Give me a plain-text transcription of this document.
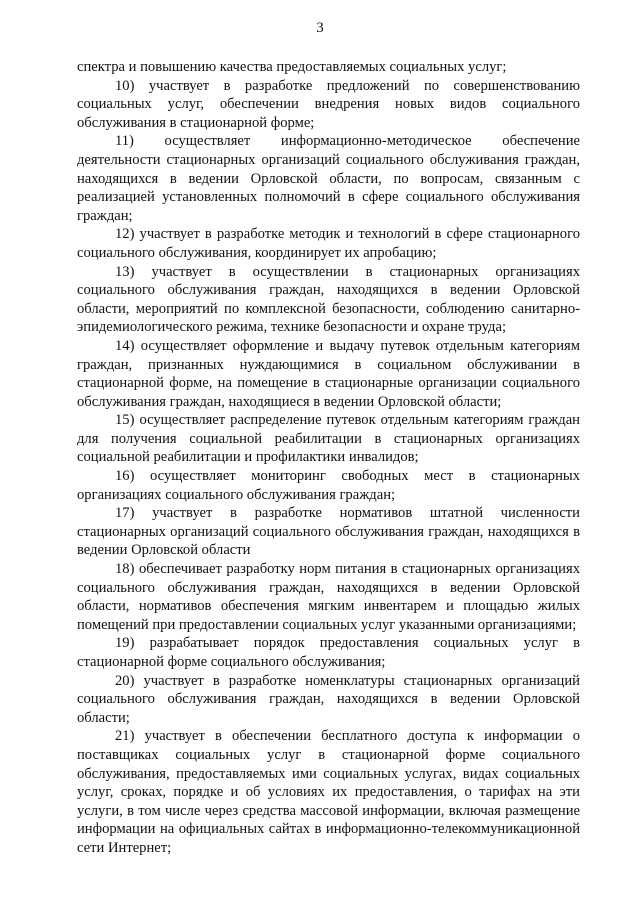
3

спектра и повышению качества предоставляемых социальных услуг;

10) участвует в разработке предложений по совершенствованию социальных услуг, обеспечении внедрения новых видов социального обслуживания в стационарной форме;

11) осуществляет информационно-методическое обеспечение деятельности стационарных организаций социального обслуживания граждан, находящихся в ведении Орловской области, по вопросам, связанным с реализацией установленных полномочий в сфере социального обслуживания граждан;

12) участвует в разработке методик и технологий в сфере стационарного социального обслуживания, координирует их апробацию;

13) участвует в осуществлении в стационарных организациях социального обслуживания граждан, находящихся в ведении Орловской области, мероприятий по комплексной безопасности, соблюдению санитарно-эпидемиологического режима, технике безопасности и охране труда;

14) осуществляет оформление и выдачу путевок отдельным категориям граждан, признанных нуждающимися в социальном обслуживании в стационарной форме, на помещение в стационарные организации социального обслуживания граждан, находящиеся в ведении Орловской области;

15) осуществляет распределение путевок отдельным категориям граждан для получения социальной реабилитации в стационарных организациях социальной реабилитации и профилактики инвалидов;

16) осуществляет мониторинг свободных мест в стационарных организациях социального обслуживания граждан;

17) участвует в разработке нормативов штатной численности стационарных организаций социального обслуживания граждан, находящихся в ведении Орловской области

18) обеспечивает разработку норм питания в стационарных организациях социального обслуживания граждан, находящихся в ведении Орловской области, нормативов обеспечения мягким инвентарем и площадью жилых помещений при предоставлении социальных услуг указанными организациями;

19) разрабатывает порядок предоставления социальных услуг в стационарной форме социального обслуживания;

20) участвует в разработке номенклатуры стационарных организаций социального обслуживания граждан, находящихся в ведении Орловской области;

21) участвует в обеспечении бесплатного доступа к информации о поставщиках социальных услуг в стационарной форме социального обслуживания, предоставляемых ими социальных услугах, видах социальных услуг, сроках, порядке и об условиях их предоставления, о тарифах на эти услуги, в том числе через средства массовой информации, включая размещение информации на официальных сайтах в информационно-телекоммуникационной сети Интернет;
